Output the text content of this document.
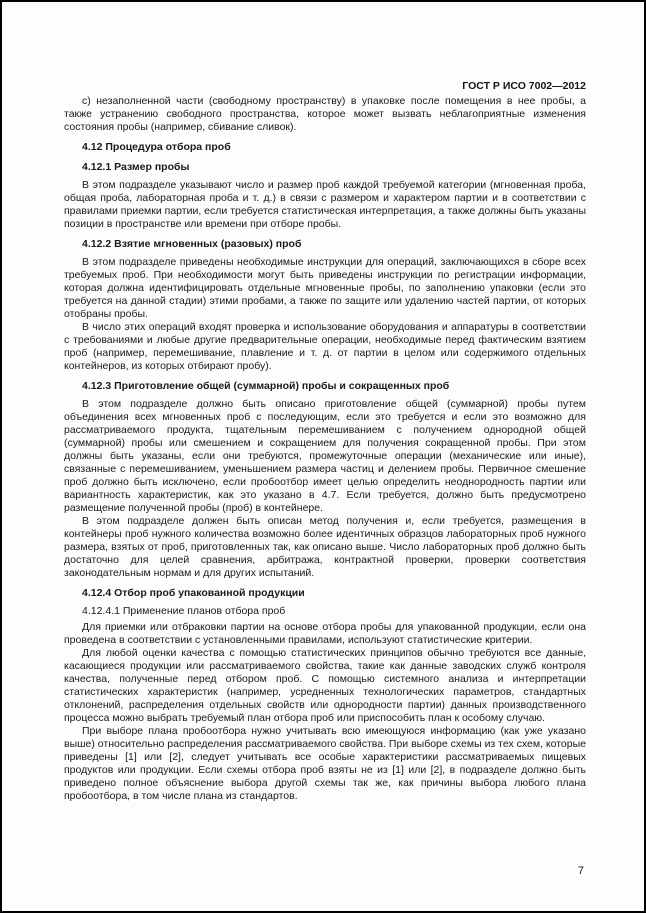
ГОСТ Р ИСО 7002—2012
с) незаполненной части (свободному пространству) в упаковке после помещения в нее пробы, а также устранению свободного пространства, которое может вызвать неблагоприятные изменения состояния пробы (например, сбивание сливок).
4.12 Процедура отбора проб
4.12.1 Размер пробы
В этом подразделе указывают число и размер проб каждой требуемой категории (мгновенная проба, общая проба, лабораторная проба и т. д.) в связи с размером и характером партии и в соответствии с правилами приемки партии, если требуется статистическая интерпретация, а также должны быть указаны позиции в пространстве или времени при отборе пробы.
4.12.2 Взятие мгновенных (разовых) проб
В этом подразделе приведены необходимые инструкции для операций, заключающихся в сборе всех требуемых проб. При необходимости могут быть приведены инструкции по регистрации информации, которая должна идентифицировать отдельные мгновенные пробы, по заполнению упаковки (если это требуется на данной стадии) этими пробами, а также по защите или удалению частей партии, от которых отобраны пробы.
В число этих операций входят проверка и использование оборудования и аппаратуры в соответствии с требованиями и любые другие предварительные операции, необходимые перед фактическим взятием проб (например, перемешивание, плавление и т. д. от партии в целом или содержимого отдельных контейнеров, из которых отбирают пробу).
4.12.3 Приготовление общей (суммарной) пробы и сокращенных проб
В этом подразделе должно быть описано приготовление общей (суммарной) пробы путем объединения всех мгновенных проб с последующим, если это требуется и если это возможно для рассматриваемого продукта, тщательным перемешиванием с получением однородной общей (суммарной) пробы или смешением и сокращением для получения сокращенной пробы. При этом должны быть указаны, если они требуются, промежуточные операции (механические или иные), связанные с перемешиванием, уменьшением размера частиц и делением пробы. Первичное смешение проб должно быть исключено, если пробоотбор имеет целью определить неоднородность партии или вариантность характеристик, как это указано в 4.7. Если требуется, должно быть предусмотрено размещение полученной пробы (проб) в контейнере.
В этом подразделе должен быть описан метод получения и, если требуется, размещения в контейнеры проб нужного количества возможно более идентичных образцов лабораторных проб нужного размера, взятых от проб, приготовленных так, как описано выше. Число лабораторных проб должно быть достаточно для целей сравнения, арбитража, контрактной проверки, проверки соответствия законодательным нормам и для других испытаний.
4.12.4 Отбор проб упакованной продукции
4.12.4.1 Применение планов отбора проб
Для приемки или отбраковки партии на основе отбора пробы для упакованной продукции, если она проведена в соответствии с установленными правилами, используют статистические критерии.
Для любой оценки качества с помощью статистических принципов обычно требуются все данные, касающиеся продукции или рассматриваемого свойства, такие как данные заводских служб контроля качества, полученные перед отбором проб. С помощью системного анализа и интерпретации статистических характеристик (например, усредненных технологических параметров, стандартных отклонений, распределения отдельных свойств или однородности партии) данных производственного процесса можно выбрать требуемый план отбора проб или приспособить план к особому случаю.
При выборе плана пробоотбора нужно учитывать всю имеющуюся информацию (как уже указано выше) относительно распределения рассматриваемого свойства. При выборе схемы из тех схем, которые приведены [1] или [2], следует учитывать все особые характеристики рассматриваемых пищевых продуктов или продукции. Если схемы отбора проб взяты не из [1] или [2], в подразделе должно быть приведено полное объяснение выбора другой схемы так же, как причины выбора любого плана пробоотбора, в том числе плана из стандартов.
7
